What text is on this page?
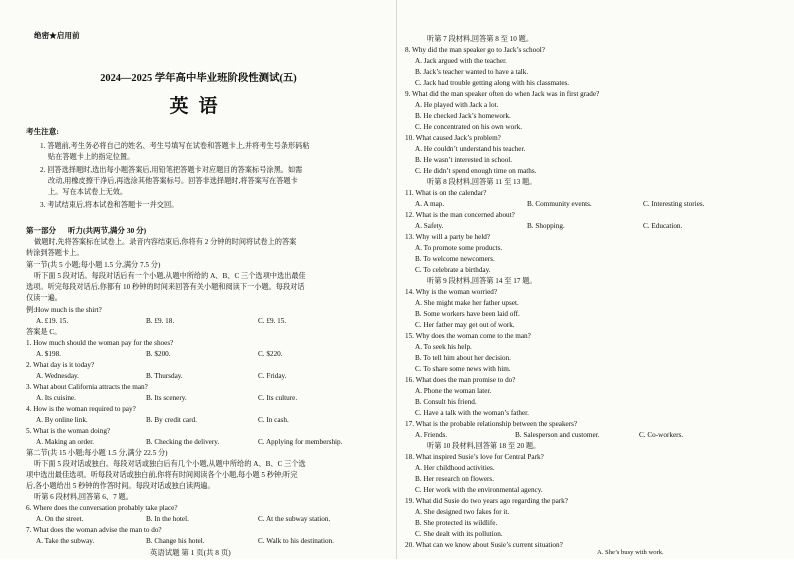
绝密★启用前
2024—2025 学年高中毕业班阶段性测试(五)
英语
考生注意:
1. 答题前,考生务必将自己的姓名、考生号填写在试卷和答题卡上,并将考生号条形码粘
贴在答题卡上的指定位置。
2. 回答选择题时,选出每小题答案后,用铅笔把答题卡对应题目的答案标号涂黑。如需
改动,用橡皮擦干净后,再选涂其他答案标号。回答非选择题时,将答案写在答题卡
上。写在本试卷上无效。
3. 考试结束后,将本试卷和答题卡一并交回。
第一部分 听力(共两节,满分 30 分)
做题时,先将答案标在试卷上。录音内容结束后,你将有 2 分钟的时间将试卷上的答案
转涂到答题卡上。
第一节(共 5 小题;每小题 1.5 分,满分 7.5 分)
听下面 5 段对话。每段对话后有一个小题,从题中所给的 A、B、C 三个选项中选出最佳
选项。听完每段对话后,你都有 10 秒钟的时间来回答有关小题和阅读下一小题。每段对话
仅读一遍。
例:How much is the shirt?
A. £19. 15.	B. £9. 18.	C. £9. 15.
答案是 C。
1. How much should the woman pay for the shoes?
A. $198.	B. $200.	C. $220.
2. What day is it today?
A. Wednesday.	B. Thursday.	C. Friday.
3. What about California attracts the man?
A. Its cuisine.	B. Its scenery.	C. Its culture.
4. How is the woman required to pay?
A. By online link.	B. By credit card.	C. In cash.
5. What is the woman doing?
A. Making an order.	B. Checking the delivery.	C. Applying for membership.
第二节(共 15 小题;每小题 1.5 分,满分 22.5 分)
听下面 5 段对话或独白。每段对话或独白后有几个小题,从题中所给的 A、B、C 三个选
项中选出最佳选项。听每段对话或独白前,你将有时间阅读各个小题,每小题 5 秒钟;听完
后,各小题给出 5 秒钟的作答时间。每段对话或独白读两遍。
听第 6 段材料,回答第 6、7 题。
6. Where does the conversation probably take place?
A. On the street.	B. In the hotel.	C. At the subway station.
7. What does the woman advise the man to do?
A. Take the subway.	B. Change his hotel.	C. Walk to his destination.
英语试题 第 1 页(共 8 页)
听第 7 段材料,回答第 8 至 10 题。
8. Why did the man speaker go to Jack’s school?
A. Jack argued with the teacher.
B. Jack’s teacher wanted to have a talk.
C. Jack had trouble getting along with his classmates.
9. What did the man speaker often do when Jack was in first grade?
A. He played with Jack a lot.
B. He checked Jack’s homework.
C. He concentrated on his own work.
10. What caused Jack’s problem?
A. He couldn’t understand his teacher.
B. He wasn’t interested in school.
C. He didn’t spend enough time on maths.
听第 8 段材料,回答第 11 至 13 题。
11. What is on the calendar?
A. A map.	B. Community events.	C. Interesting stories.
12. What is the man concerned about?
A. Safety.	B. Shopping.	C. Education.
13. Why will a party be held?
A. To promote some products.
B. To welcome newcomers.
C. To celebrate a birthday.
听第 9 段材料,回答第 14 至 17 题。
14. Why is the woman worried?
A. She might make her father upset.
B. Some workers have been laid off.
C. Her father may get out of work.
15. Why does the woman come to the man?
A. To seek his help.
B. To tell him about her decision.
C. To share some news with him.
16. What does the man promise to do?
A. Phone the woman later.
B. Consult his friend.
C. Have a talk with the woman’s father.
17. What is the probable relationship between the speakers?
A. Friends.	B. Salesperson and customer.	C. Co-workers.
听第 10 段材料,回答第 18 至 20 题。
18. What inspired Susie’s love for Central Park?
A. Her childhood activities.
B. Her research on flowers.
C. Her work with the environmental agency.
19. What did Susie do two years ago regarding the park?
A. She designed two fakes for it.
B. She protected its wildlife.
C. She dealt with its pollution.
20. What can we know about Susie’s current situation?
A. She’s busy with work.
